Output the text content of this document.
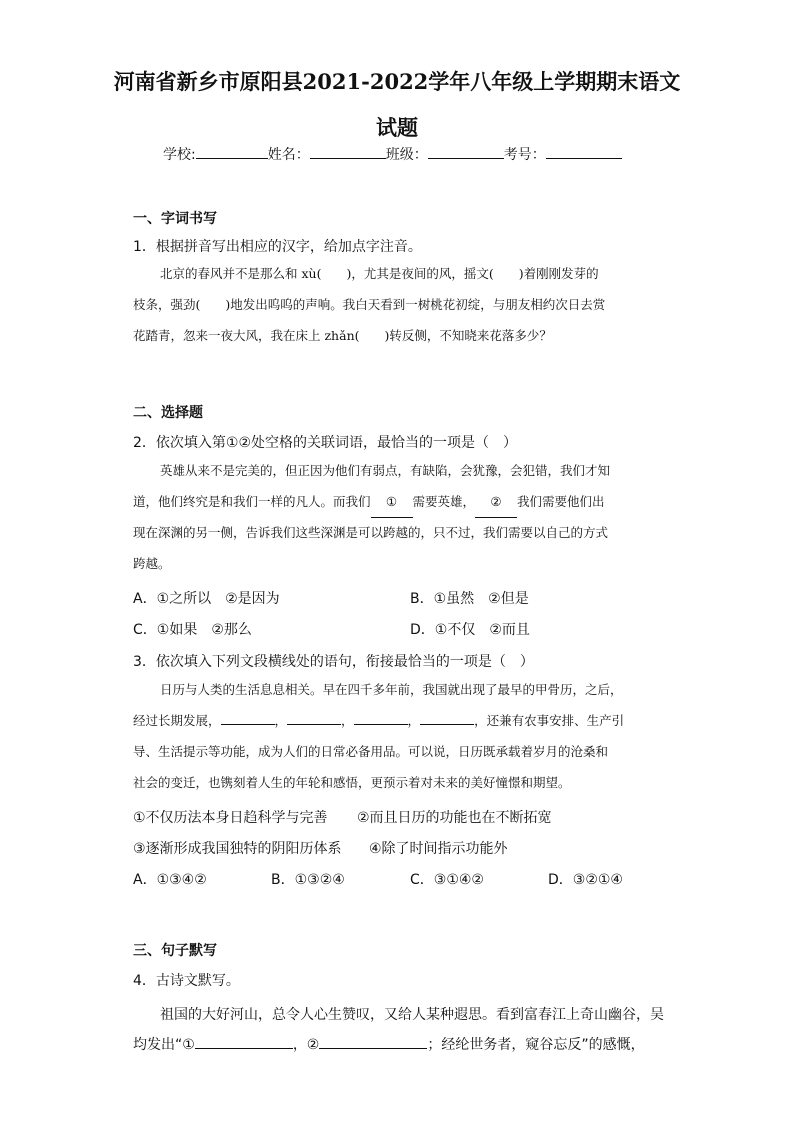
河南省新乡市原阳县2021-2022学年八年级上学期期末语文
试题
学校:	姓名：	班级：	考号：
一、字词书写
1．根据拼音写出相应的汉字，给加点字注音。
北京的春风并不是那么和 xù(　　)，尤其是夜间的风，摇文(　　)着刚刚发芽的
枝条，强劲(　　)地发出呜呜的声响。我白天看到一树桃花初绽，与朋友相约次日去赏
花踏青，忽来一夜大风，我在床上 zhǎn(　　)转反侧，不知晓来花落多少？
二、选择题
2．依次填入第①②处空格的关联词语，最恰当的一项是（　）
英雄从来不是完美的，但正因为他们有弱点，有缺陷，会犹豫，会犯错，我们才知
道，他们终究是和我们一样的凡人。而我们 ① 需要英雄， ② 我们需要他们出
现在深渊的另一侧，告诉我们这些深渊是可以跨越的，只不过，我们需要以自己的方式
跨越。
A．①之所以　②是因为	B．①虽然　②但是
C．①如果　②那么	D．①不仅　②而且
3．依次填入下列文段横线处的语句，衔接最恰当的一项是（　）
日历与人类的生活息息相关。早在四千多年前，我国就出现了最早的甲骨历，之后，
经过长期发展，	，	，	，	，还兼有农事安排、生产引
导、生活提示等功能，成为人们的日常必备用品。可以说，日历既承载着岁月的沧桑和
社会的变迁，也镌刻着人生的年轮和感悟，更预示着对未来的美好憧憬和期望。
①不仅历法本身日趋科学与完善 ②而且日历的功能也在不断拓宽
③逐渐形成我国独特的阴阳历体系 ④除了时间指示功能外
A．①③④②	B．①③②④	C．③①④②	D．③②①④
三、句子默写
4．古诗文默写。
祖国的大好河山，总令人心生赞叹，又给人某种遐思。看到富春江上奇山幽谷，吴
均发出“①	，②	；经纶世务者，窥谷忘反”的感慨，
